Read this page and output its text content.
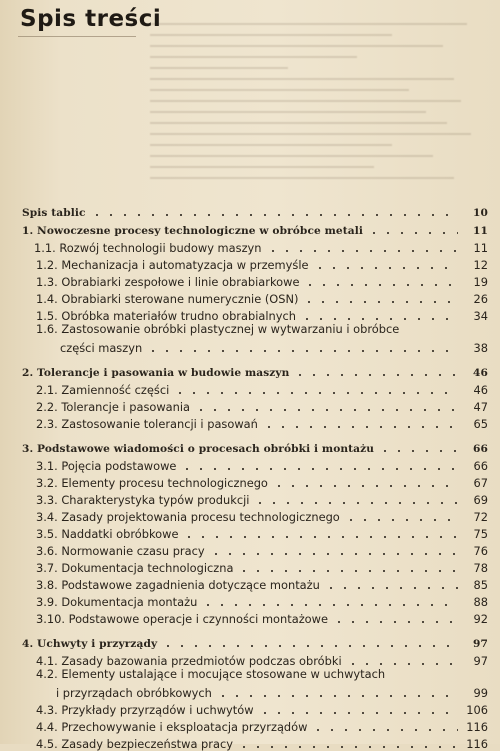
Spis treści
Spis tablic	10
1. Nowoczesne procesy technologiczne w obróbce metali	11
1.1. Rozwój technologii budowy maszyn	11
1.2. Mechanizacja i automatyzacja w przemyśle	12
1.3. Obrabiarki zespołowe i linie obrabiarkowe	19
1.4. Obrabiarki sterowane numerycznie (OSN)	26
1.5. Obróbka materiałów trudno obrabialnych	34
1.6. Zastosowanie obróbki plastycznej w wytwarzaniu i obróbce
części maszyn	38
2. Tolerancje i pasowania w budowie maszyn	46
2.1. Zamienność części	46
2.2. Tolerancje i pasowania	47
2.3. Zastosowanie tolerancji i pasowań	65
3. Podstawowe wiadomości o procesach obróbki i montażu	66
3.1. Pojęcia podstawowe	66
3.2. Elementy procesu technologicznego	67
3.3. Charakterystyka typów produkcji	69
3.4. Zasady projektowania procesu technologicznego	72
3.5. Naddatki obróbkowe	75
3.6. Normowanie czasu pracy	76
3.7. Dokumentacja technologiczna	78
3.8. Podstawowe zagadnienia dotyczące montażu	85
3.9. Dokumentacja montażu	88
3.10. Podstawowe operacje i czynności montażowe	92
4. Uchwyty i przyrządy	97
4.1. Zasady bazowania przedmiotów podczas obróbki	97
4.2. Elementy ustalające i mocujące stosowane w uchwytach
i przyrządach obróbkowych	99
4.3. Przykłady przyrządów i uchwytów	106
4.4. Przechowywanie i eksploatacja przyrządów	116
4.5. Zasady bezpieczeństwa pracy	116
